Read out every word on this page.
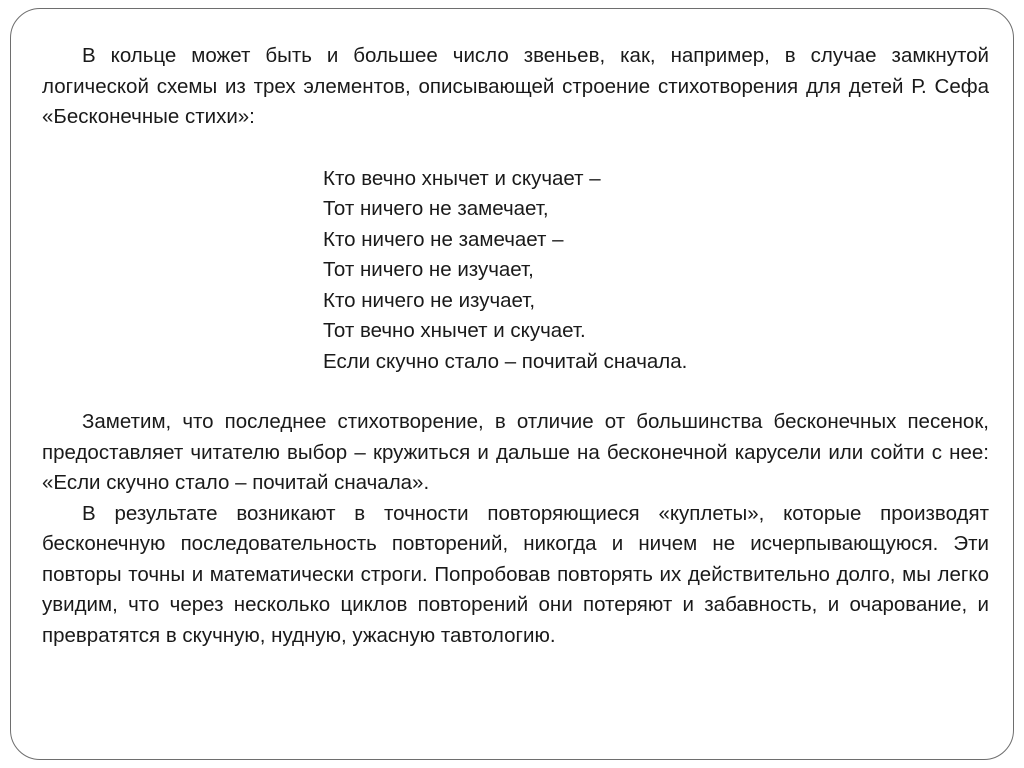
В кольце может быть и большее число звеньев, как, например, в случае замкнутой логической схемы из трех элементов, описывающей строение стихотворения для детей Р. Сефа «Бесконечные стихи»:

Кто вечно хнычет и скучает –

Тот ничего не замечает,

Кто ничего не замечает –

Тот ничего не изучает,

Кто ничего не изучает,

Тот вечно хнычет и скучает.

Если скучно стало – почитай сначала.

Заметим, что последнее стихотворение, в отличие от большинства бесконечных песенок, предоставляет читателю выбор – кружиться и дальше на бесконечной карусели или сойти с нее: «Если скучно стало – почитай сначала».

В результате возникают в точности повторяющиеся «куплеты», которые производят бесконечную последовательность повторений, никогда и ничем не исчерпывающуюся. Эти повторы точны и математически строги. Попробовав повторять их действительно долго, мы легко увидим, что через несколько циклов повторений они потеряют и забавность, и очарование, и превратятся в скучную, нудную, ужасную тавтологию.
